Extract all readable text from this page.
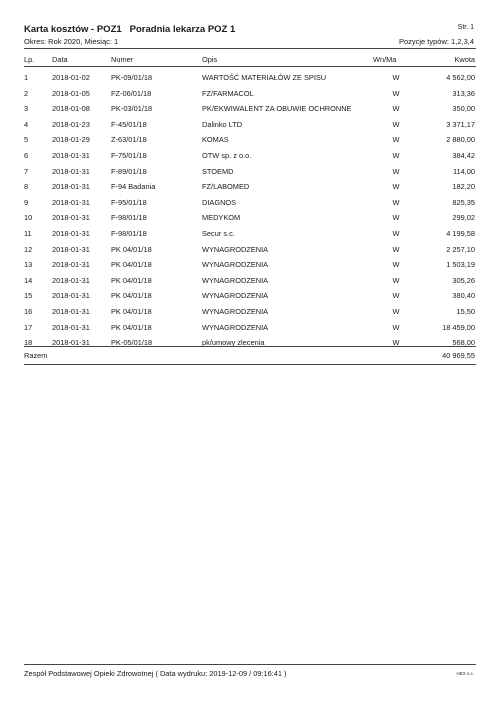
Karta kosztów - POZ1 Poradnia lekarza POZ 1	Str. 1
Okres: Rok 2020, Miesiąc: 1	Pozycje typów: 1,2,3,4
Lp. Data	Numer	Opis	Wn/Ma	Kwota
1	2018-01-02	PK-09/01/18	WARTOŚĆ MATERIAŁÓW ZE SPISU	W	4 562,00
2	2018-01-05	FZ-06/01/18	FZ/FARMACOL	W	313,36
3	2018-01-08	PK-03/01/18	PK/EKWIWALENT ZA OBUWIE OCHRONNE	W	350,00
4	2018-01-23	F-45/01/18	Dalinko LTD	W	3 371,17
5	2018-01-29	Z-63/01/18	KOMAS	W	2 880,00
6	2018-01-31	F-75/01/18	OTW sp. z o.o.	W	384,42
7	2018-01-31	F-89/01/18	STOEMD	W	114,00
8	2018-01-31	F-94 Badania	FZ/LABOMED	W	182,20
9	2018-01-31	F-95/01/18	DIAGNOS	W	825,35
10	2018-01-31	F-98/01/18	MEDYKOM	W	299,02
11	2018-01-31	F-98/01/18	Secur s.c.	W	4 199,58
12	2018-01-31	PK 04/01/18	WYNAGRODZENIA	W	2 257,10
13	2018-01-31	PK 04/01/18	WYNAGRODZENIA	W	1 503,19
14	2018-01-31	PK 04/01/18	WYNAGRODZENIA	W	305,26
15	2018-01-31	PK 04/01/18	WYNAGRODZENIA	W	380,40
16	2018-01-31	PK 04/01/18	WYNAGRODZENIA	W	15,50
17	2018-01-31	PK 04/01/18	WYNAGRODZENIA	W	18 459,00
18	2018-01-31	PK-05/01/18	pk/umowy zlecenia	W	568,00
Razem	40 969,55
Zespół Podstawowej Opieki Zdrowotnej ( Data wydruku: 2019-12-09 / 09:16:41 )	HEX s.c.
